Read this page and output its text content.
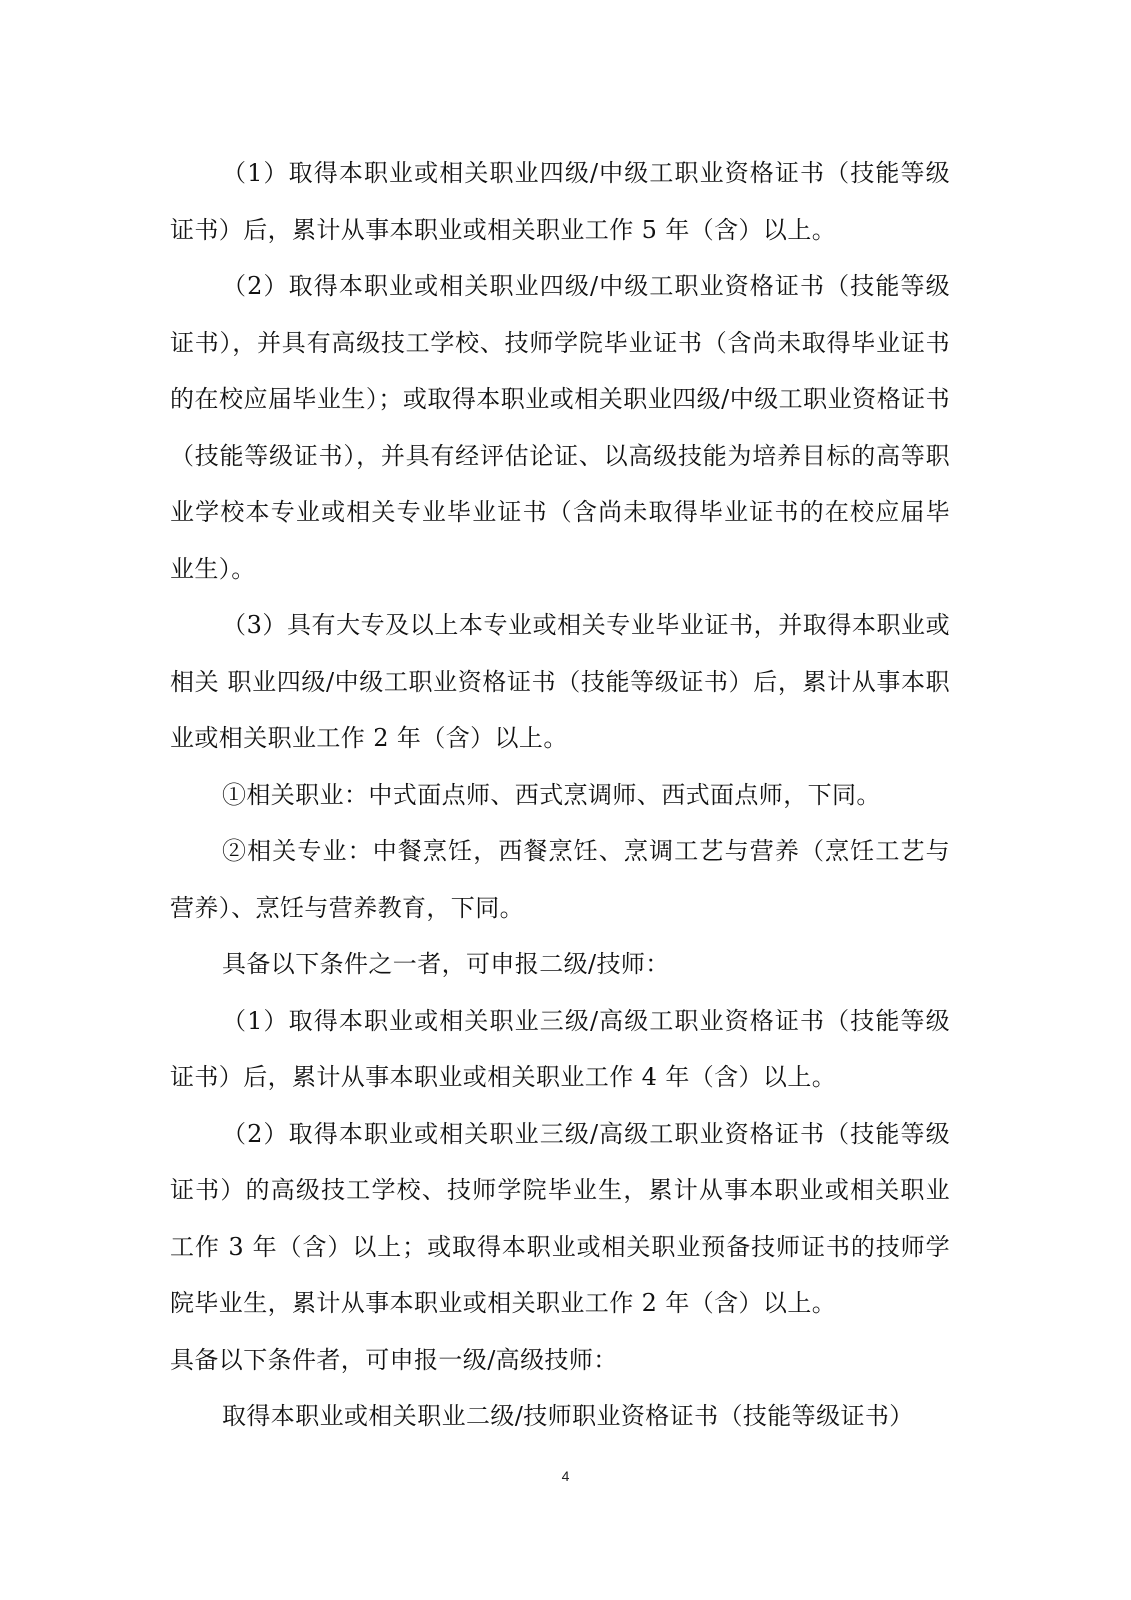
（1）取得本职业或相关职业四级/中级工职业资格证书（技能等级证书）后，累计从事本职业或相关职业工作 5 年（含）以上。

（2）取得本职业或相关职业四级/中级工职业资格证书（技能等级证书），并具有高级技工学校、技师学院毕业证书（含尚未取得毕业证书的在校应届毕业生）；或取得本职业或相关职业四级/中级工职业资格证书（技能等级证书），并具有经评估论证、以高级技能为培养目标的高等职业学校本专业或相关专业毕业证书（含尚未取得毕业证书的在校应届毕业生）。

（3）具有大专及以上本专业或相关专业毕业证书，并取得本职业或相关 职业四级/中级工职业资格证书（技能等级证书）后，累计从事本职业或相关职业工作 2 年（含）以上。

①相关职业：中式面点师、西式烹调师、西式面点师，下同。

②相关专业：中餐烹饪，西餐烹饪、烹调工艺与营养（烹饪工艺与营养）、烹饪与营养教育，下同。

具备以下条件之一者，可申报二级/技师：

（1）取得本职业或相关职业三级/高级工职业资格证书（技能等级证书）后，累计从事本职业或相关职业工作 4 年（含）以上。

（2）取得本职业或相关职业三级/高级工职业资格证书（技能等级证书）的高级技工学校、技师学院毕业生，累计从事本职业或相关职业工作 3 年（含）以上；或取得本职业或相关职业预备技师证书的技师学院毕业生，累计从事本职业或相关职业工作 2 年（含）以上。

具备以下条件者，可申报一级/高级技师：

取得本职业或相关职业二级/技师职业资格证书（技能等级证书）

4
